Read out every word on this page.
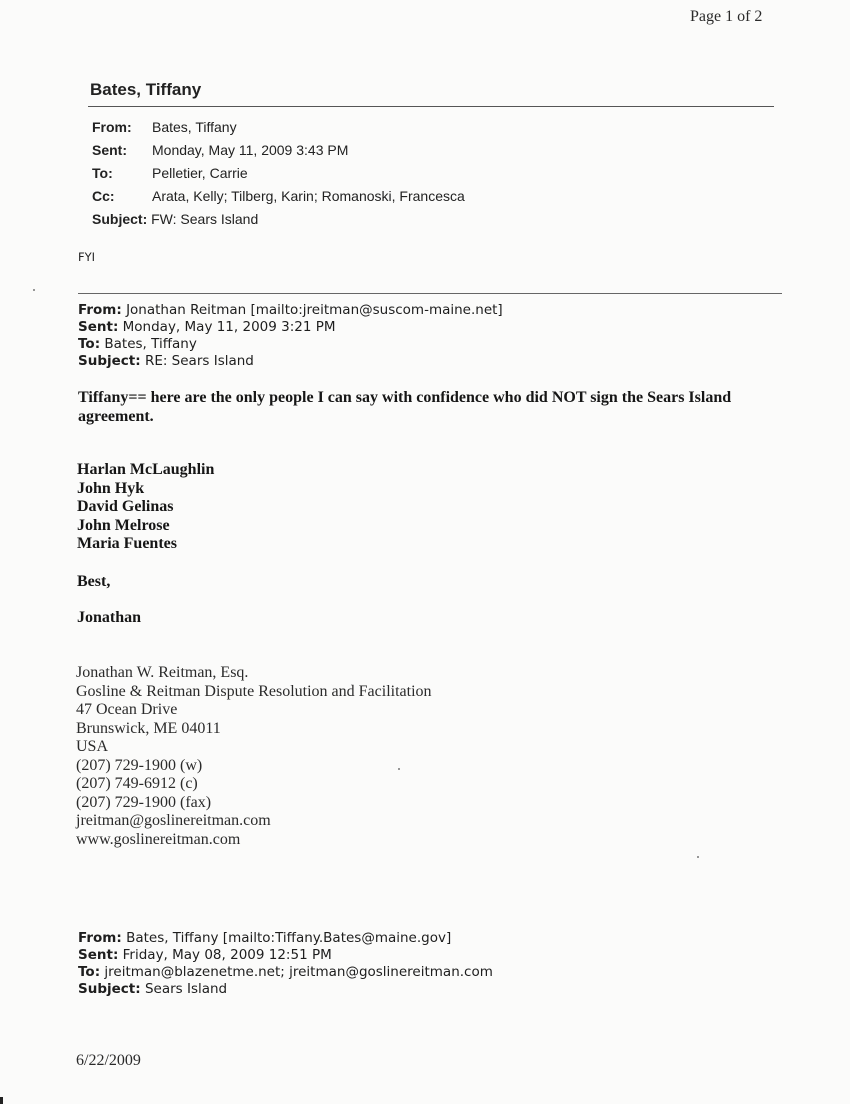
Page 1 of 2
Bates, Tiffany
From: Bates, Tiffany
Sent: Monday, May 11, 2009 3:43 PM
To:	Pelletier, Carrie
Cc:	Arata, Kelly; Tilberg, Karin; Romanoski, Francesca
Subject: FW: Sears Island
FYI
From: Jonathan Reitman [mailto:jreitman@suscom-maine.net]
Sent: Monday, May 11, 2009 3:21 PM
To: Bates, Tiffany
Subject: RE: Sears Island
Tiffany== here are the only people I can say with confidence who did NOT sign the Sears Island agreement.
Harlan McLaughlin
John Hyk
David Gelinas
John Melrose
Maria Fuentes
Best,
Jonathan
Jonathan W. Reitman, Esq.
Gosline & Reitman Dispute Resolution and Facilitation
47 Ocean Drive
Brunswick, ME 04011
USA
(207) 729-1900 (w)
(207) 749-6912 (c)
(207) 729-1900 (fax)
jreitman@goslinereitman.com
www.goslinereitman.com
From: Bates, Tiffany [mailto:Tiffany.Bates@maine.gov]
Sent: Friday, May 08, 2009 12:51 PM
To: jreitman@blazenetme.net; jreitman@goslinereitman.com
Subject: Sears Island
6/22/2009
